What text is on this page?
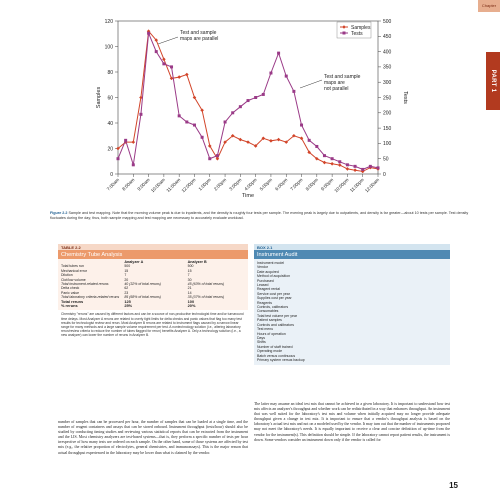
Chapter
PART 1
0
20
40
60
80
100
120
0
50
100
150
200
250
300
350
400
450
500
7:00am 8:00am 9:00am 10:00am 11:00am 12:00pm 1:00pm 2:00pm 3:00pm 4:00pm 5:00pm 6:00pm 7:00pm 8:00pm 9:00pm 10:00pm 11:00pm 12:00am
Time
Samples	Tests
Test and sample
maps are parallel
Test and sample
maps are
not parallel
Samples
Tests
Figure 2.2 Sample and test mapping. Note that the morning volume peak is due to inpatients, and the density is roughly four tests per sample. The evening peak is largely due to outpatients, and density is far greater—about 10 tests per sample. Test density fluctuates during the day; thus, both sample mapping and test mapping are necessary to accurately evaluate workload.
TABLE 2.2
Chemistry Tube Analysis
Analyzer A	Analyzer B
Total tubes run	500	500
Mechanical error	15	15
Dilution	7	7
Clot/low volume	20	30
Total instrument-related reruns	40 (32% of total reruns)	45 (63% of total reruns)
Delta check	62	21
Panic value	23	14
Total laboratory criteria-related reruns	85 (68% of total reruns)	35 (37% of total reruns)
Total reruns	125	100
% reruns	25%	20%
Chemistry "reruns" are caused by different factors and can be a source of non-productive technologist time and/or turnaround time delays. Most Analyzer A reruns are related to overly tight limits for delta checks and panic values that flag too many test results for technologist review and rerun. Most Analyzer B reruns are related to instrument flags caused by a narrow linear range for many methods and a large sample volume requirement per test. A nontechnology solution (i.e., altering laboratory rerun/review criteria to reduce the number of tubes flagged for rerun) benefits Analyzer A. Only a technology solution (i.e., a new analyzer) can lower the number of reruns in Analyzer B.
BOX 2.1
Instrument Audit
Instrument model
Vendor
Date acquired
Method of acquisition
Purchased
Leased
Reagent rental
Service cost per year
Supplies cost per year
Reagents
Controls, calibrators
Consumables
Total test volume per year
Patient samples
Controls and calibrators
Test menu
Hours of operation
Days
Shifts
Number of staff trained
Operating mode
Batch versus continuous
Primary system versus backup
number of samples that can be processed per hour, the number of samples that can be loaded at a single time, and the number of reagent containers and assays that can be stored onboard. Instrument throughput (tests/hour) should also be studied by conducting timing studies and reviewing various statistical reports that can be extracted from the instrument and the LIS. Most chemistry analyzers are test-based systems—that is, they perform a specific number of tests per hour irrespective of how many tests are ordered on each sample. On the other hand, some of those systems are affected by test mix (e.g., the relative proportion of electrolytes, general chemistries, and immunoassays). This is the major reason that actual throughput experienced in the laboratory may be lower than what is claimed by the vendor.
The latter may assume an ideal test mix that cannot be achieved in a given laboratory. It is important to understand how test mix affects an analyzer's throughput and whether work can be redistributed in a way that enhances throughput. An instrument that was well suited for the laboratory's test mix and volume when initially acquired may no longer provide adequate throughput given a change in test mix. It is important to ensure that a vendor's throughput analysis is based on the laboratory's actual test mix and not on a modeled used by the vendor. It may turn out that the number of instruments proposed may not meet the laboratory's needs. It is equally important to receive a clear and concise definition of up-time from the vendor for the instrument(s). This definition should be simple. If the laboratory cannot report patient results, the instrument is down. Some vendors consider an instrument down only if the vendor is called for
15
